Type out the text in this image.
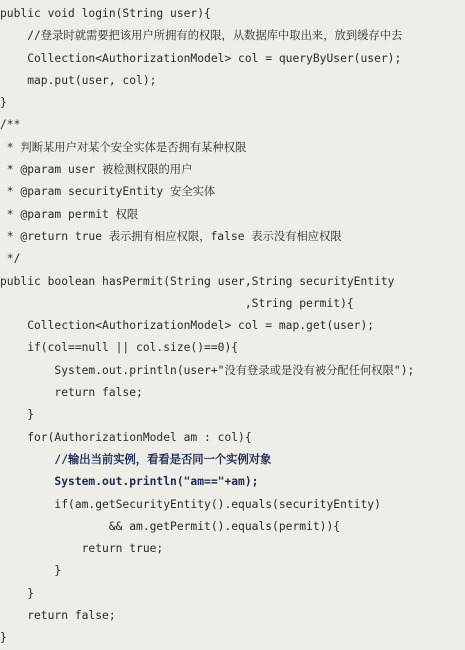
public void login(String user){
//登录时就需要把该用户所拥有的权限，从数据库中取出来，放到缓存中去
Collection<AuthorizationModel> col = queryByUser(user);
map.put(user, col);
}
/**
* 判断某用户对某个安全实体是否拥有某种权限
* @param user 被检测权限的用户
* @param securityEntity 安全实体
* @param permit 权限
* @return true 表示拥有相应权限，false 表示没有相应权限
*/
public boolean hasPermit(String user,String securityEntity
,String permit){
Collection<AuthorizationModel> col = map.get(user);
if(col==null || col.size()==0){
System.out.println(user+"没有登录或是没有被分配任何权限");
return false;
}
for(AuthorizationModel am : col){
//输出当前实例，看看是否同一个实例对象
System.out.println("am=="+am);
if(am.getSecurityEntity().equals(securityEntity)
&& am.getPermit().equals(permit)){
return true;
}
}
return false;
}
